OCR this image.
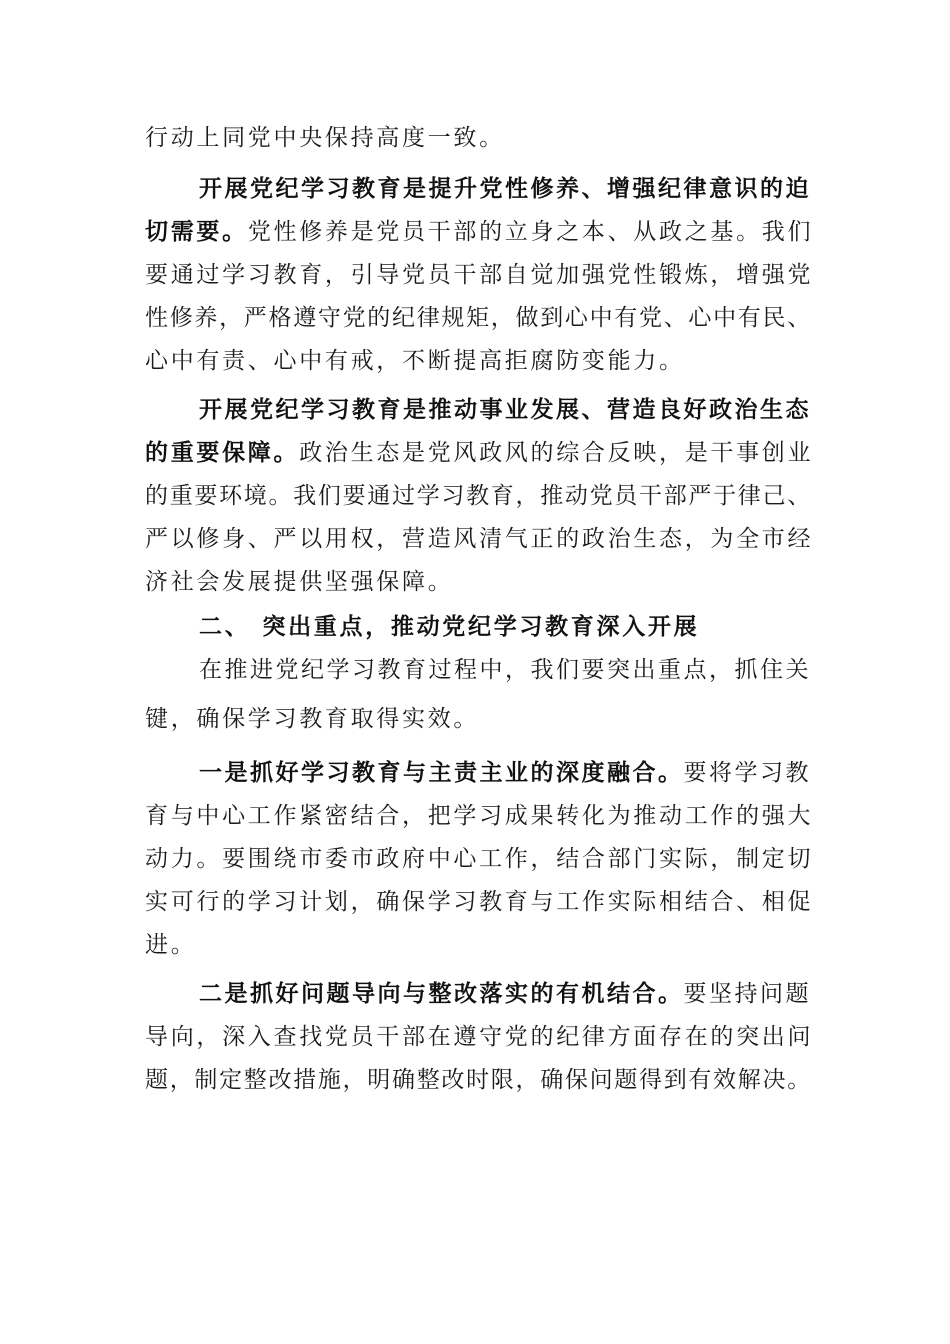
行动上同党中央保持高度一致。

开展党纪学习教育是提升党性修养、增强纪律意识的迫

切需要。党性修养是党员干部的立身之本、从政之基。我们

要通过学习教育，引导党员干部自觉加强党性锻炼，增强党

性修养，严格遵守党的纪律规矩，做到心中有党、心中有民、

心中有责、心中有戒，不断提高拒腐防变能力。

开展党纪学习教育是推动事业发展、营造良好政治生态

的重要保障。政治生态是党风政风的综合反映，是干事创业

的重要环境。我们要通过学习教育，推动党员干部严于律己、

严以修身、严以用权，营造风清气正的政治生态，为全市经

济社会发展提供坚强保障。

二、 突出重点，推动党纪学习教育深入开展

在推进党纪学习教育过程中，我们要突出重点，抓住关

键，确保学习教育取得实效。

一是抓好学习教育与主责主业的深度融合。要将学习教

育与中心工作紧密结合，把学习成果转化为推动工作的强大

动力。要围绕市委市政府中心工作，结合部门实际，制定切

实可行的学习计划，确保学习教育与工作实际相结合、相促

进。

二是抓好问题导向与整改落实的有机结合。要坚持问题

导向，深入查找党员干部在遵守党的纪律方面存在的突出问

题，制定整改措施，明确整改时限，确保问题得到有效解决。
